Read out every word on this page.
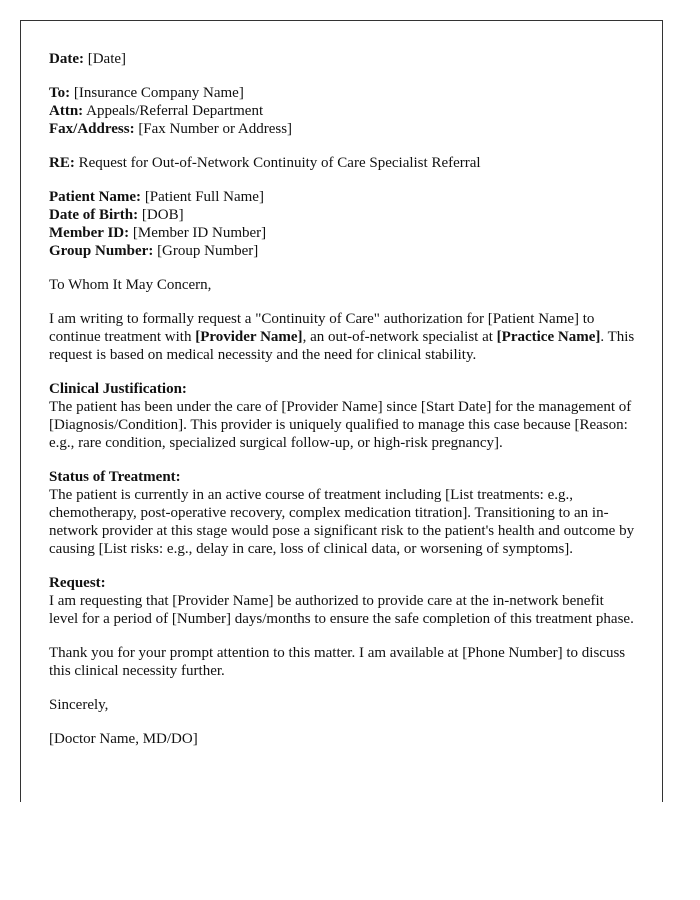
Date: [Date]

To: [Insurance Company Name]
Attn: Appeals/Referral Department
Fax/Address: [Fax Number or Address]

RE: Request for Out-of-Network Continuity of Care Specialist Referral

Patient Name: [Patient Full Name]
Date of Birth: [DOB]
Member ID: [Member ID Number]
Group Number: [Group Number]

To Whom It May Concern,

I am writing to formally request a "Continuity of Care" authorization for [Patient Name] to continue treatment with [Provider Name], an out-of-network specialist at [Practice Name]. This request is based on medical necessity and the need for clinical stability.

Clinical Justification:
The patient has been under the care of [Provider Name] since [Start Date] for the management of [Diagnosis/Condition]. This provider is uniquely qualified to manage this case because [Reason: e.g., rare condition, specialized surgical follow-up, or high-risk pregnancy].

Status of Treatment:
The patient is currently in an active course of treatment including [List treatments: e.g., chemotherapy, post-operative recovery, complex medication titration]. Transitioning to an in-network provider at this stage would pose a significant risk to the patient's health and outcome by causing [List risks: e.g., delay in care, loss of clinical data, or worsening of symptoms].

Request:
I am requesting that [Provider Name] be authorized to provide care at the in-network benefit level for a period of [Number] days/months to ensure the safe completion of this treatment phase.

Thank you for your prompt attention to this matter. I am available at [Phone Number] to discuss this clinical necessity further.

Sincerely,

[Doctor Name, MD/DO]
